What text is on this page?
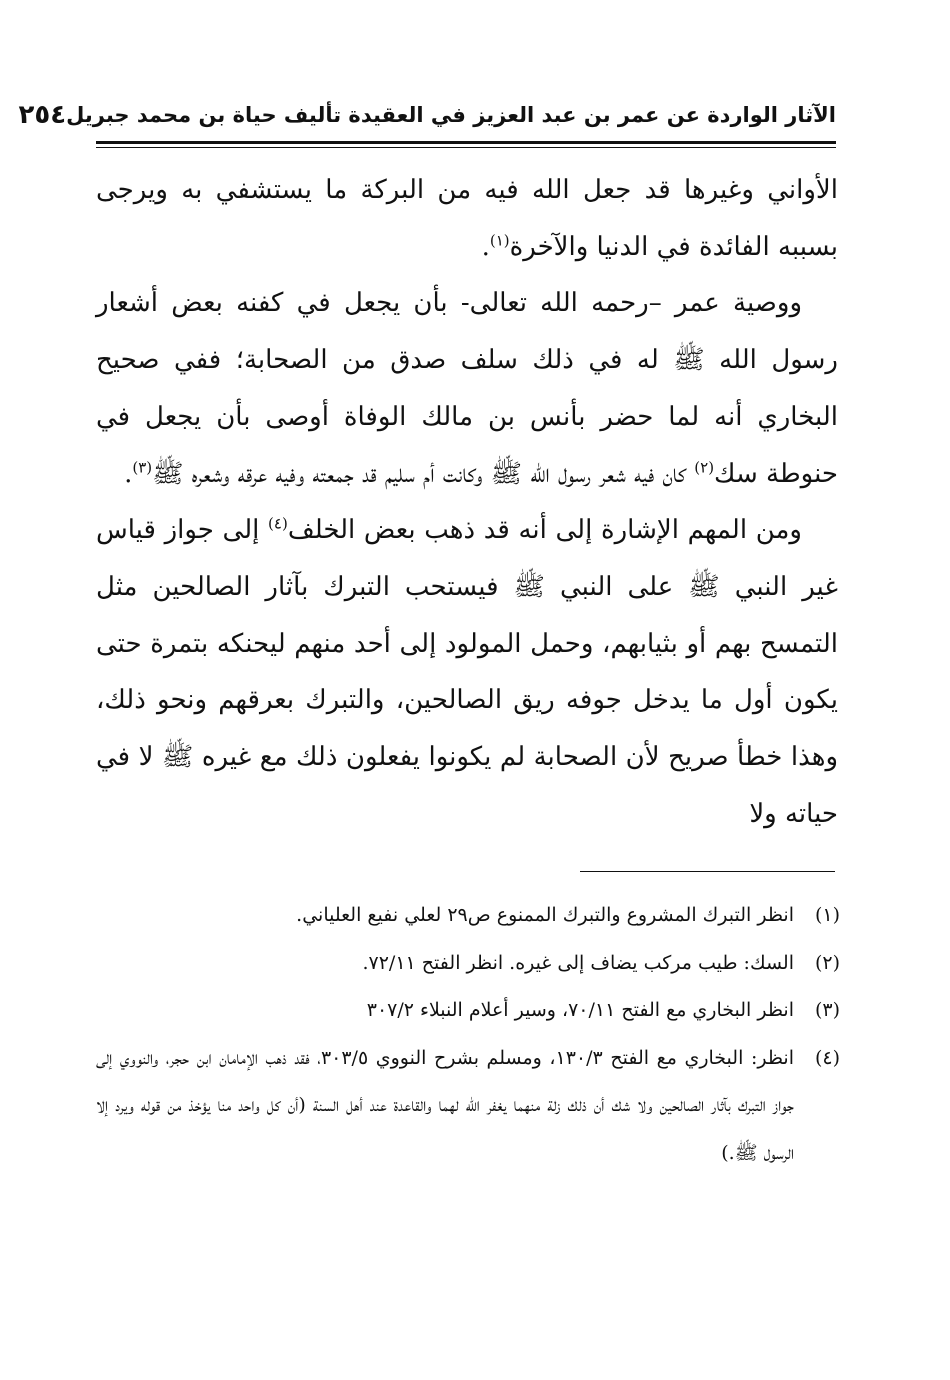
الآثار الواردة عن عمر بن عبد العزيز في العقيدة تأليف حياة بن محمد جبريل
٢٥٤

الأواني وغيرها قد جعل الله فيه من البركة ما يستشفي به ويرجى بسببه الفائدة في الدنيا والآخرة$^{(١)}$.

ووصية عمر –رحمه الله تعالى- بأن يجعل في كفنه بعض أشعار رسول الله ﷺ له في ذلك سلف صدق من الصحابة؛ ففي صحيح البخاري أنه لما حضر بأنس بن مالك الوفاة أوصى بأن يجعل في حنوطة سك$^{(٢)}$ كان فيه شعر رسول الله ﷺ وكانت أم سليم قد جمعته وفيه عرقه وشعره ﷺ$^{(٣)}$.

ومن المهم الإشارة إلى أنه قد ذهب بعض الخلف$^{(٤)}$ إلى جواز قياس غير النبي ﷺ على النبي ﷺ فيستحب التبرك بآثار الصالحين مثل التمسح بهم أو بثيابهم، وحمل المولود إلى أحد منهم ليحنكه بتمرة حتى يكون أول ما يدخل جوفه ريق الصالحين، والتبرك بعرقهم ونحو ذلك، وهذا خطأ صريح لأن الصحابة لم يكونوا يفعلون ذلك مع غيره ﷺ لا في حياته ولا

(١)
انظر التبرك المشروع والتبرك الممنوع ص٢٩ لعلي نفيع العلياني.
(٢)
السك: طيب مركب يضاف إلى غيره. انظر الفتح ٧٢/١١.
(٣)
انظر البخاري مع الفتح ٧٠/١١، وسير أعلام النبلاء ٣٠٧/٢
(٤)
انظر: البخاري مع الفتح ١٣٠/٣، ومسلم بشرح النووي ٣٠٣/٥، فقد ذهب الإمامان ابن حجر، والنووي إلى جواز التبرك بآثار الصالحين ولا شك أن ذلك زلة منهما يغفر الله لهما والقاعدة عند أهل السنة (أن كل واحد منا يؤخذ من قوله ويرد إلا الرسول ﷺ.)
